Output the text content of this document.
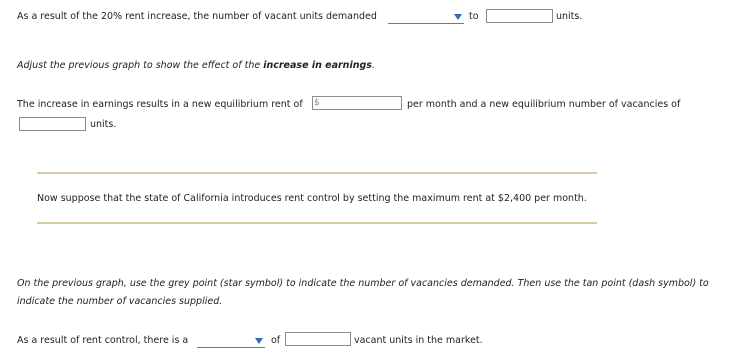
As a result of the 20% rent increase, the number of vacant units demanded	to	units.
Adjust the previous graph to show the effect of the increase in earnings.
The increase in earnings results in a new equilibrium rent of $	per month and a new equilibrium number of vacancies of
units.
Now suppose that the state of California introduces rent control by setting the maximum rent at $2,400 per month.
On the previous graph, use the grey point (star symbol) to indicate the number of vacancies demanded. Then use the tan point (dash symbol) to
indicate the number of vacancies supplied.
As a result of rent control, there is a	of	vacant units in the market.
